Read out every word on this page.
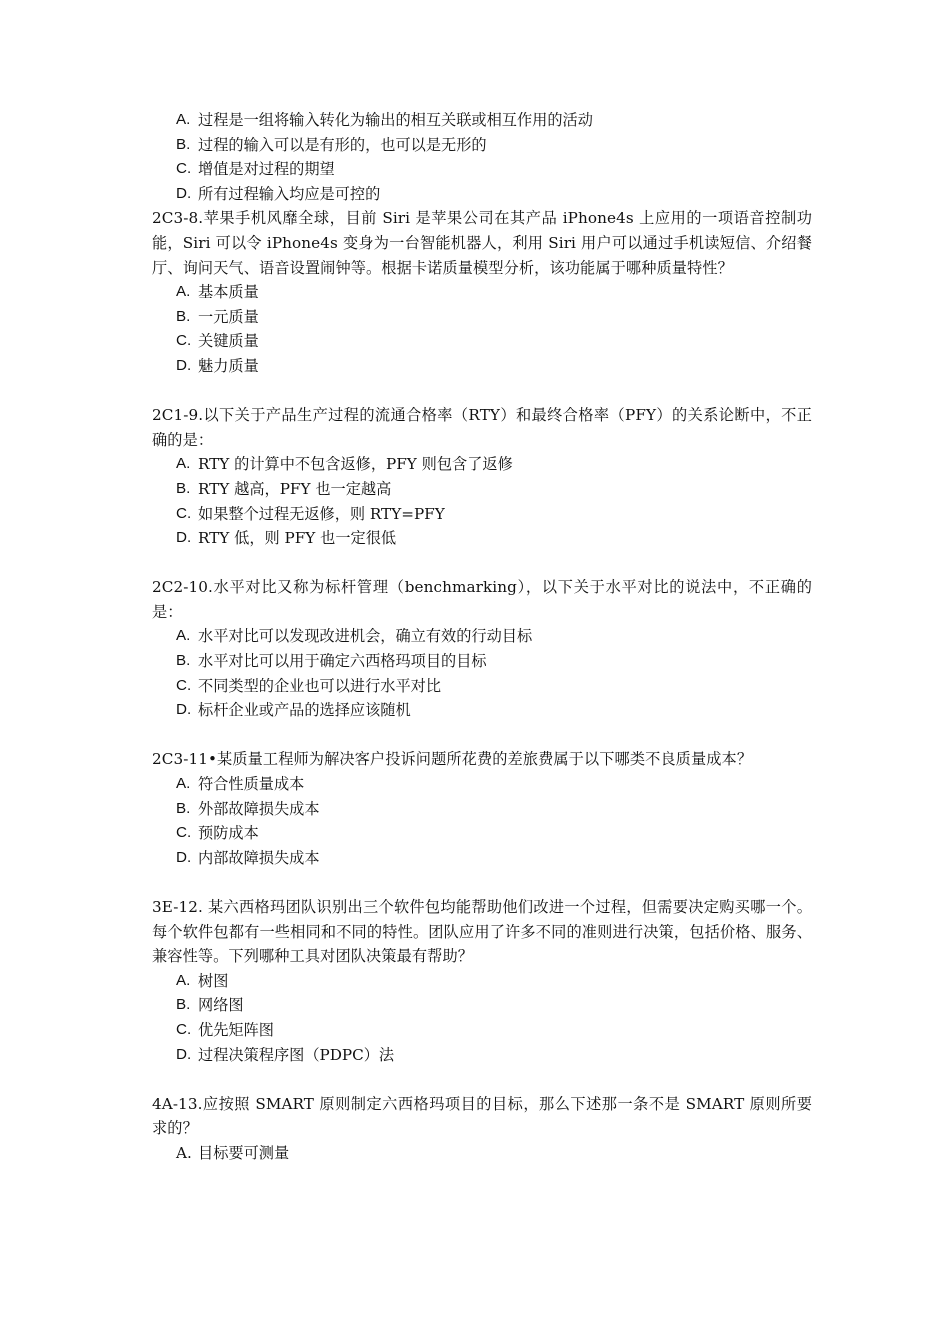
A. 过程是一组将输入转化为输出的相互关联或相互作用的活动
B. 过程的输入可以是有形的，也可以是无形的
C. 增值是对过程的期望
D. 所有过程输入均应是可控的

2C3-8.苹果手机风靡全球，目前 Siri 是苹果公司在其产品 iPhone4s 上应用的一项语音控制功能，Siri 可以令 iPhone4s 变身为一台智能机器人，利用 Siri 用户可以通过手机读短信、介绍餐厅、询问天气、语音设置闹钟等。根据卡诺质量模型分析，该功能属于哪种质量特性？

A. 基本质量
B. 一元质量
C. 关键质量
D. 魅力质量

2C1-9.以下关于产品生产过程的流通合格率（RTY）和最终合格率（PFY）的关系论断中，不正确的是：

A. RTY 的计算中不包含返修，PFY 则包含了返修
B. RTY 越高，PFY 也一定越高
C. 如果整个过程无返修，则 RTY=PFY
D. RTY 低，则 PFY 也一定很低

2C2-10.水平对比又称为标杆管理（benchmarking），以下关于水平对比的说法中，不正确的是：

A. 水平对比可以发现改进机会，确立有效的行动目标
B. 水平对比可以用于确定六西格玛项目的目标
C. 不同类型的企业也可以进行水平对比
D. 标杆企业或产品的选择应该随机

2C3-11•某质量工程师为解决客户投诉问题所花费的差旅费属于以下哪类不良质量成本？

A. 符合性质量成本
B. 外部故障损失成本
C. 预防成本
D. 内部故障损失成本

3E-12. 某六西格玛团队识别出三个软件包均能帮助他们改进一个过程，但需要决定购买哪一个。每个软件包都有一些相同和不同的特性。团队应用了许多不同的准则进行决策，包括价格、服务、兼容性等。下列哪种工具对团队决策最有帮助？

A. 树图
B. 网络图
C. 优先矩阵图
D. 过程决策程序图（PDPC）法

4A-13.应按照 SMART 原则制定六西格玛项目的目标，那么下述那一条不是 SMART 原则所要求的？

A. 目标要可测量
